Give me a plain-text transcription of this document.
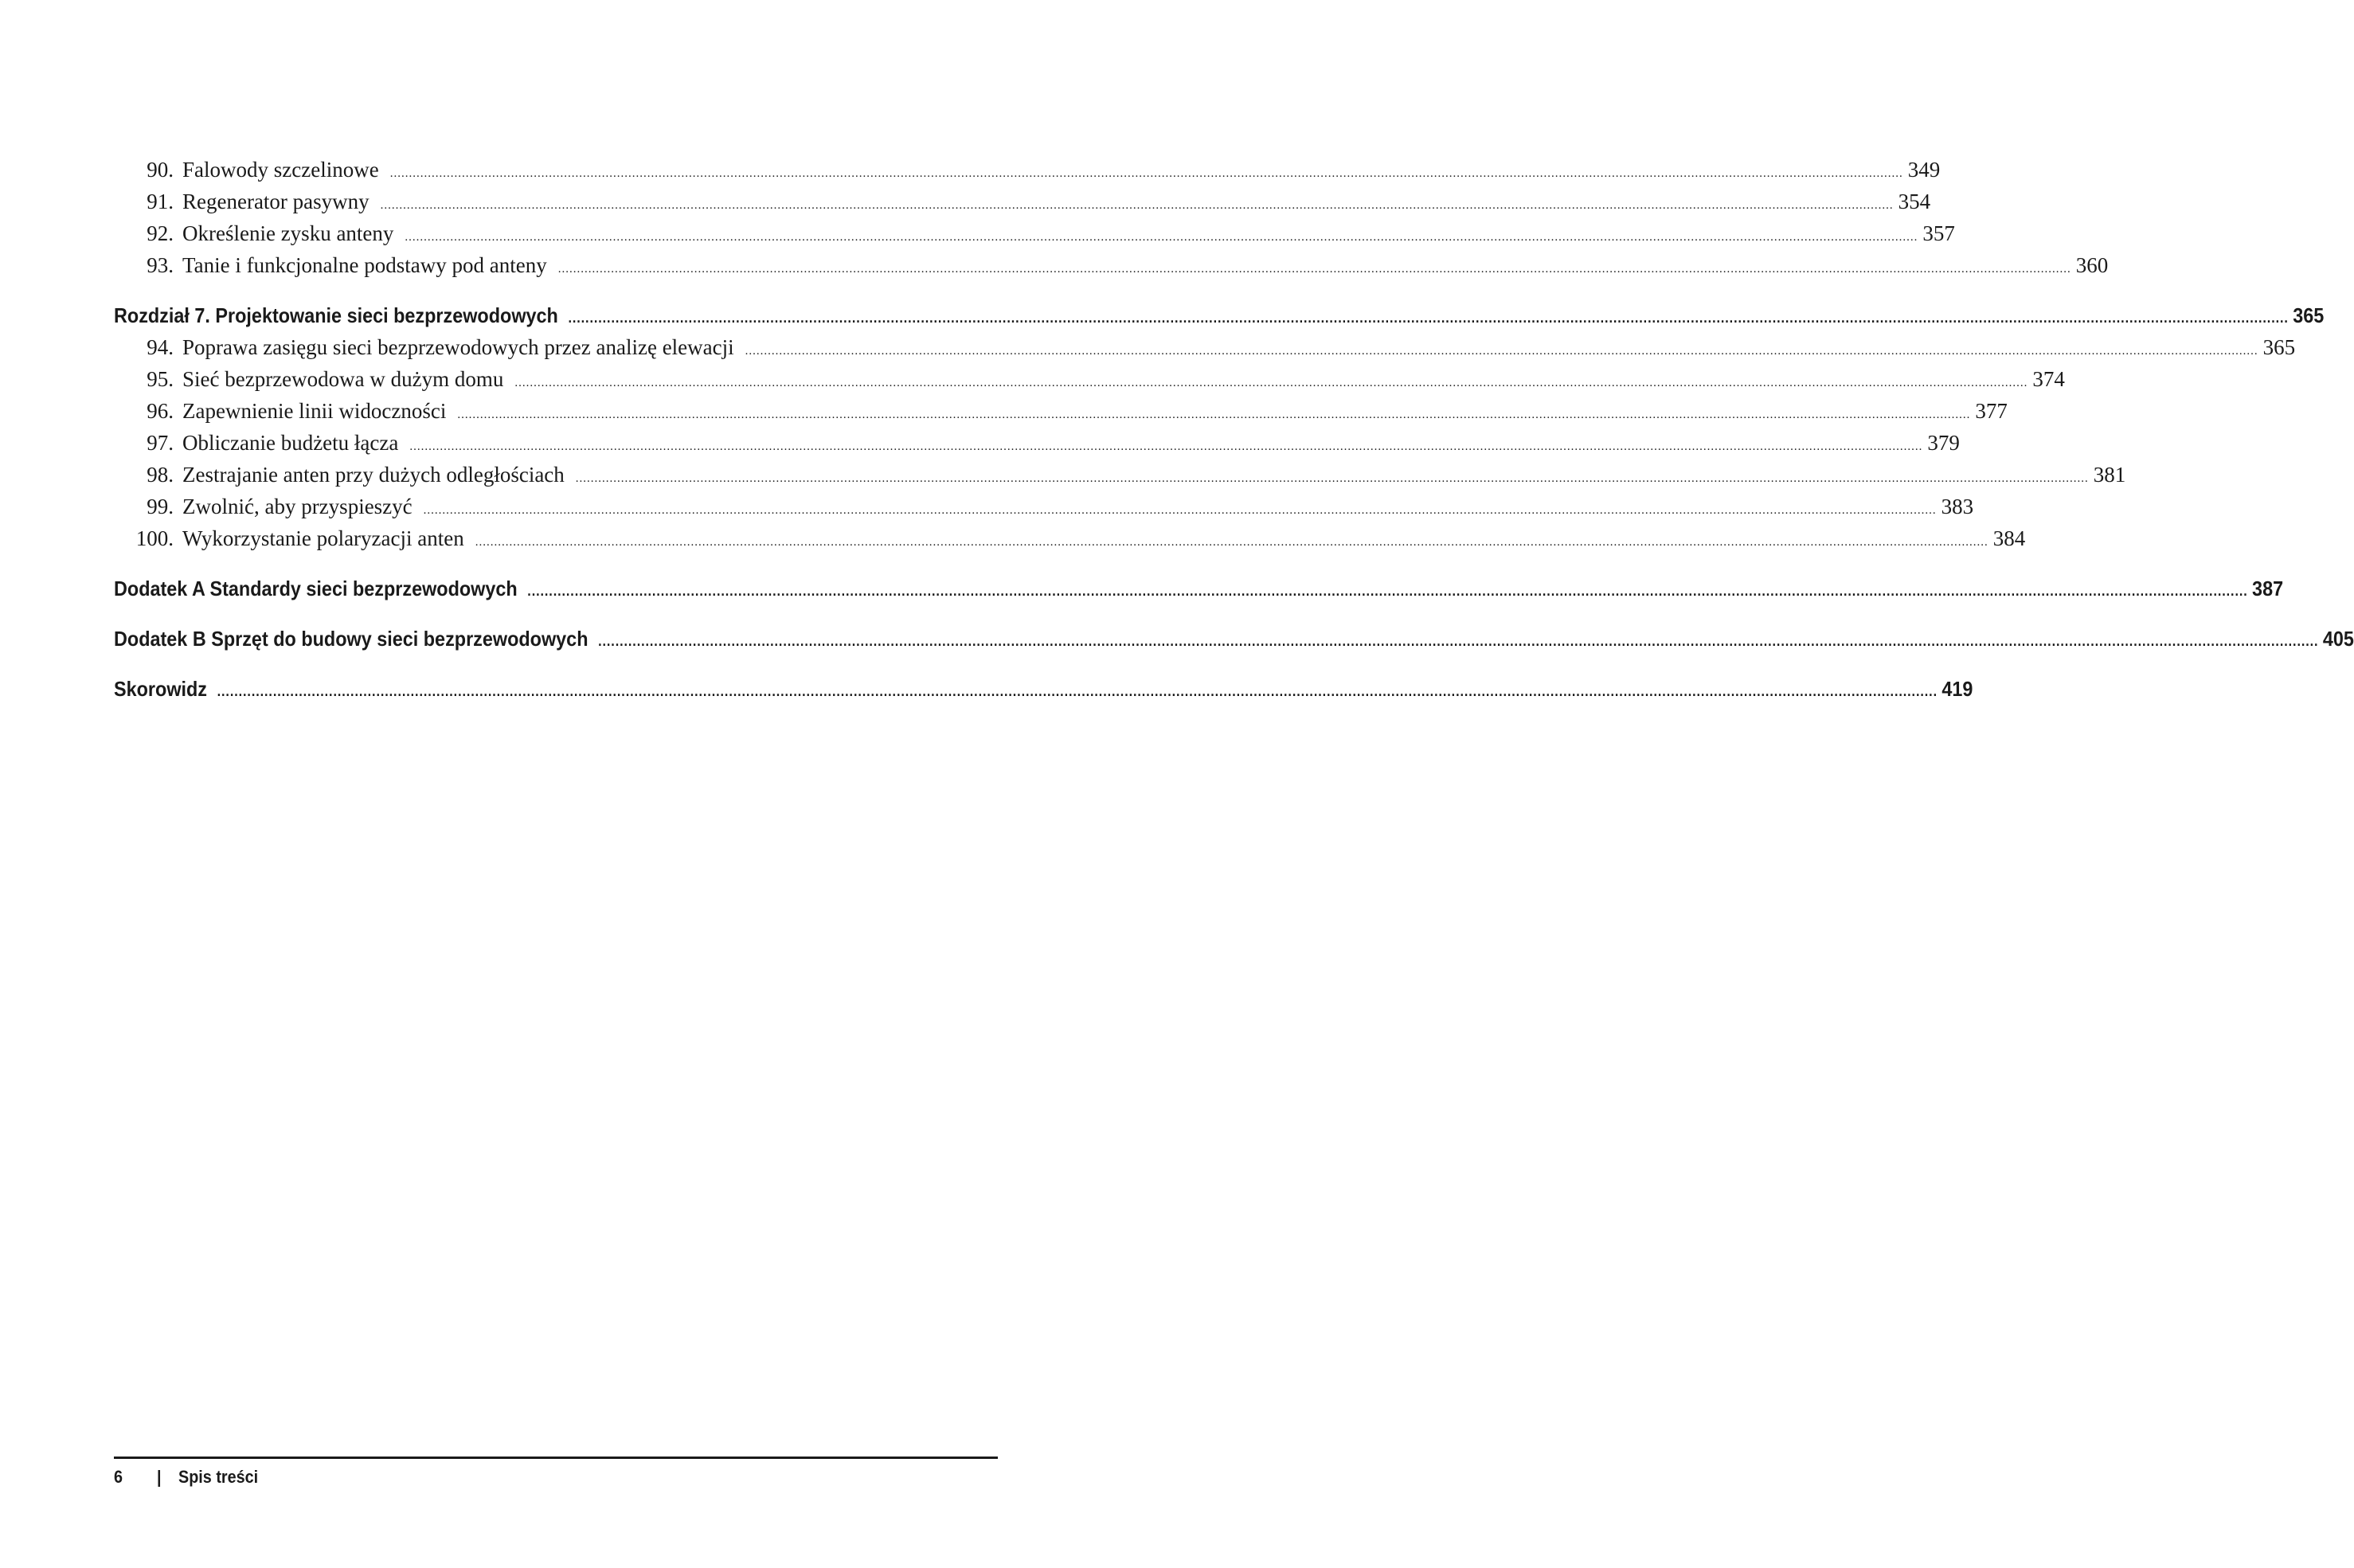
90. Falowody szczelinowe ................................................................................................................................................................................................................................................................................................................................................................................................................ 349
91. Regenerator pasywny ................................................................................................................................................................................................................................................................................................................................................................................................................ 354
92. Określenie zysku anteny ................................................................................................................................................................................................................................................................................................................................................................................................................ 357
93. Tanie i funkcjonalne podstawy pod anteny ................................................................................................................................................................................................................................................................................................................................................................................................................ 360
Rozdział 7. Projektowanie sieci bezprzewodowych ................................................................................................................................................................................................................................................................................................................................................................................................................ 365
94. Poprawa zasięgu sieci bezprzewodowych przez analizę elewacji ................................................................................................................................................................................................................................................................................................................................................................................................................ 365
95. Sieć bezprzewodowa w dużym domu ................................................................................................................................................................................................................................................................................................................................................................................................................ 374
96. Zapewnienie linii widoczności ................................................................................................................................................................................................................................................................................................................................................................................................................ 377
97. Obliczanie budżetu łącza ................................................................................................................................................................................................................................................................................................................................................................................................................ 379
98. Zestrajanie anten przy dużych odległościach ................................................................................................................................................................................................................................................................................................................................................................................................................ 381
99. Zwolnić, aby przyspieszyć ................................................................................................................................................................................................................................................................................................................................................................................................................ 383
100. Wykorzystanie polaryzacji anten ................................................................................................................................................................................................................................................................................................................................................................................................................ 384
Dodatek A Standardy sieci bezprzewodowych ................................................................................................................................................................................................................................................................................................................................................................................................................ 387
Dodatek B Sprzęt do budowy sieci bezprzewodowych ................................................................................................................................................................................................................................................................................................................................................................................................................ 405
Skorowidz ................................................................................................................................................................................................................................................................................................................................................................................................................ 419
6 | Spis treści
